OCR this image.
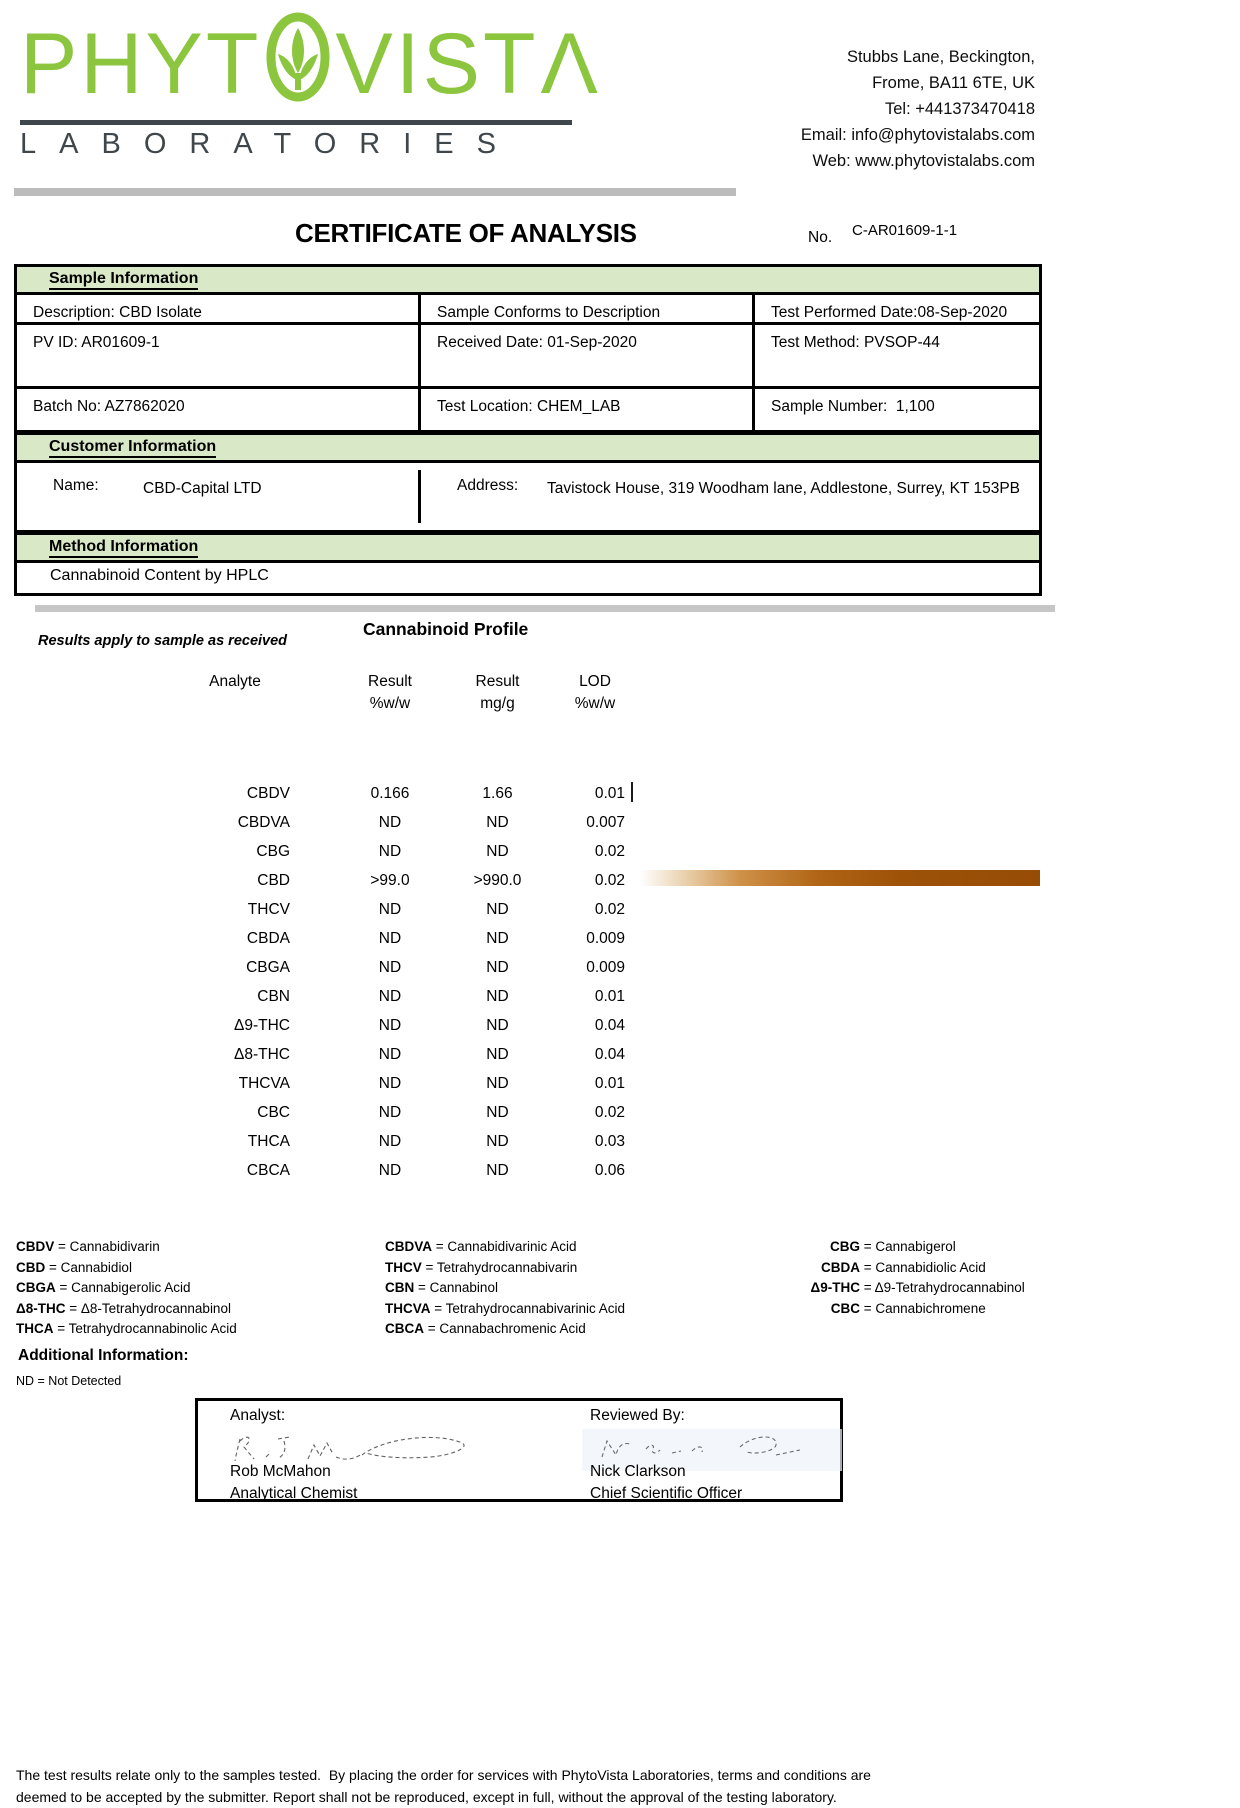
PHYT VIST Λ
LABORATORIES
Stubbs Lane, Beckington,
Frome, BA11 6TE, UK
Tel: +441373470418
Email: info@phytovistalabs.com
Web: www.phytovistalabs.com
CERTIFICATE OF ANALYSIS	No. C-AR01609-1-1
Sample Information
Description: CBD Isolate	Sample Conforms to Description	Test Performed Date:08-Sep-2020
PV ID: AR01609-1	Received Date: 01-Sep-2020	Test Method: PVSOP-44
Batch No: AZ7862020	Test Location: CHEM_LAB	Sample Number:  1,100
Customer Information
Name:	CBD-Capital LTD	Address:	Tavistock House, 319 Woodham lane, Addlestone, Surrey, KT 153PB
Method Information
Cannabinoid Content by HPLC
Results apply to sample as received
Cannabinoid Profile
Analyte	Result	Result	LOD
%w/w	mg/g	%w/w
CBDV	0.166	1.66	0.01
CBDVA	ND	ND	0.007
CBG	ND	ND	0.02
CBD	>99.0	>990.0	0.02
THCV	ND	ND	0.02
CBDA	ND	ND	0.009
CBGA	ND	ND	0.009
CBN	ND	ND	0.01
Δ9-THC	ND	ND	0.04
Δ8-THC	ND	ND	0.04
THCVA	ND	ND	0.01
CBC	ND	ND	0.02
THCA	ND	ND	0.03
CBCA	ND	ND	0.06
CBDV = Cannabidivarin
CBD = Cannabidiol
CBGA = Cannabigerolic Acid
Δ8-THC = Δ8-Tetrahydrocannabinol
THCA = Tetrahydrocannabinolic Acid
CBDVA = Cannabidivarinic Acid
THCV = Tetrahydrocannabivarin
CBN = Cannabinol
THCVA = Tetrahydrocannabivarinic Acid
CBCA = Cannabachromenic Acid
CBG = Cannabigerol
CBDA = Cannabidiolic Acid
Δ9-THC = Δ9-Tetrahydrocannabinol
CBC = Cannabichromene
Additional Information:
ND = Not Detected
Analyst:
Rob McMahon
Analytical Chemist
Reviewed By:
Nick Clarkson
Chief Scientific Officer

The test results relate only to the samples tested.  By placing the order for services with PhytoVista Laboratories, terms and conditions are
deemed to be accepted by the submitter. Report shall not be reproduced, except in full, without the approval of the testing laboratory.
